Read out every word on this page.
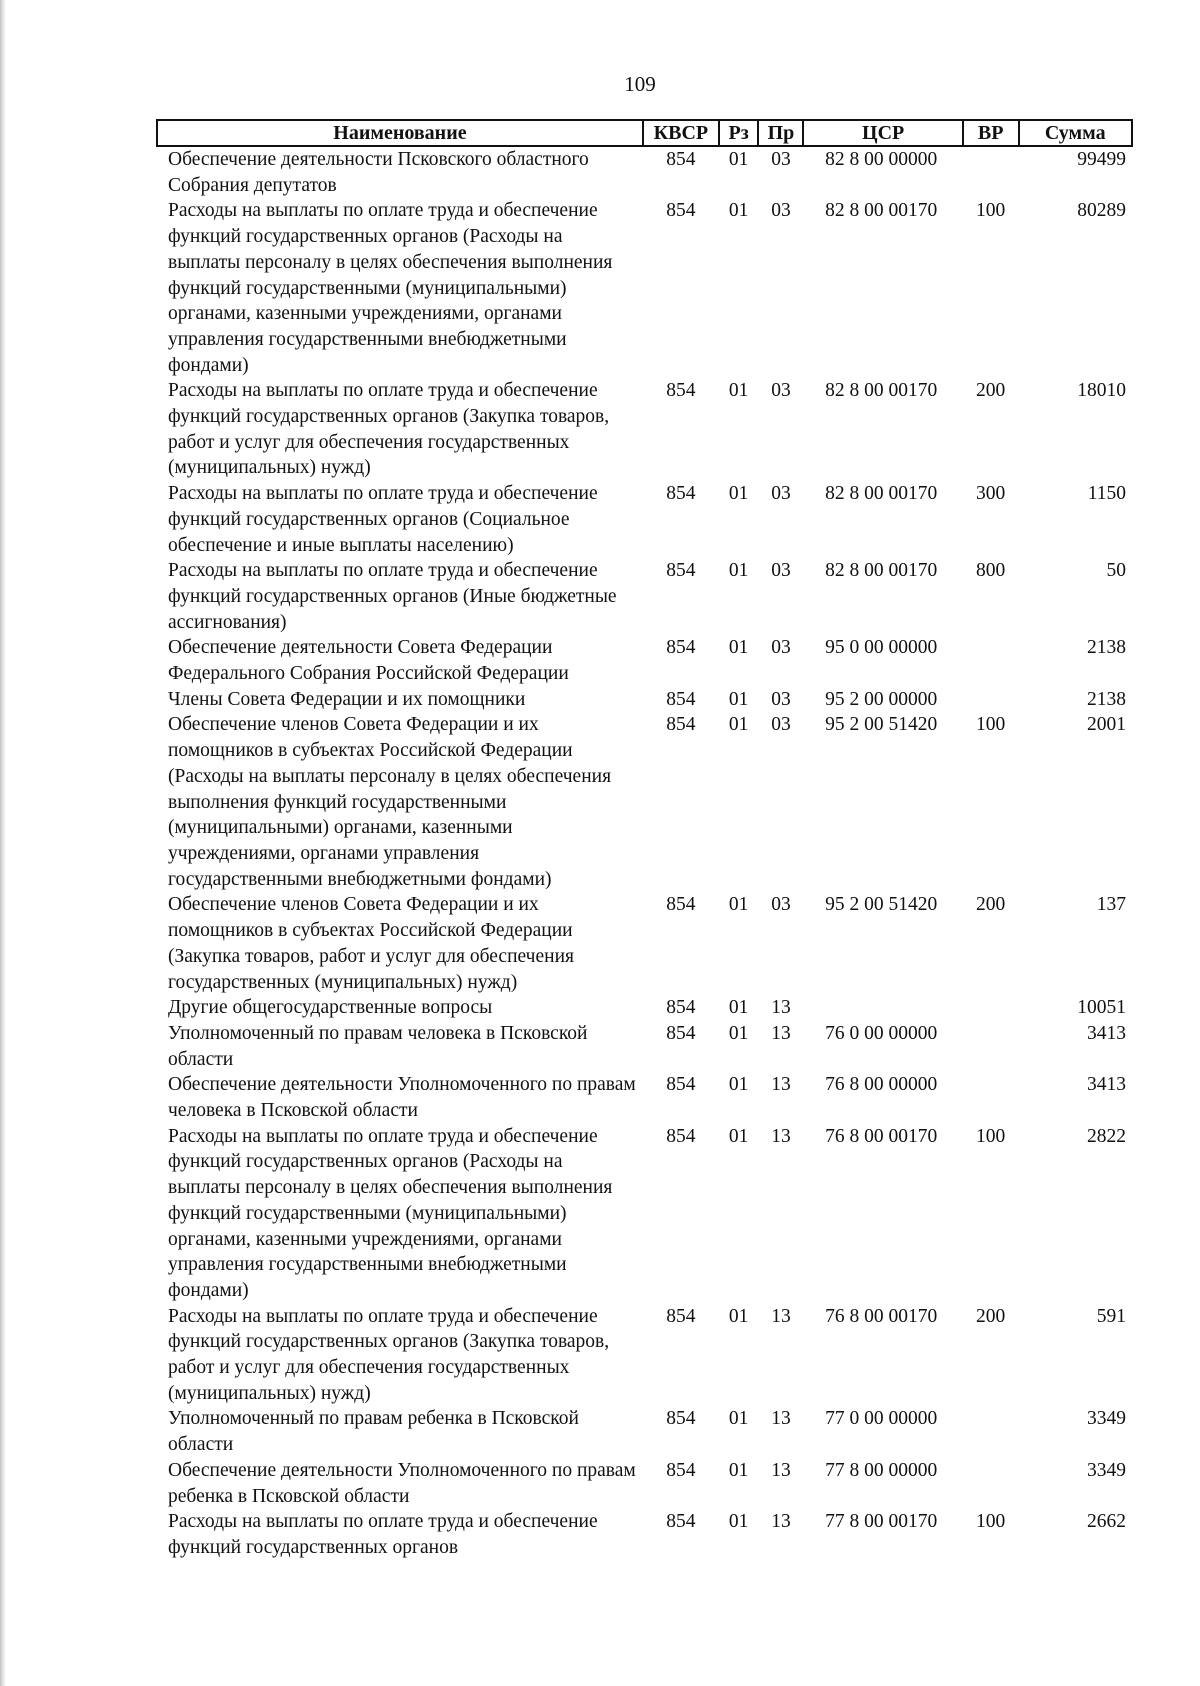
109
Наименование	КВСР	Рз	Пр	ЦСР	ВР	Сумма
Обеспечение деятельности Псковского областного Собрания депутатов	854	01	03	82 8 00 00000		99499
Расходы на выплаты по оплате труда и обеспечение функций государственных органов (Расходы на выплаты персоналу в целях обеспечения выполнения функций государственными (муниципальными) органами, казенными учреждениями, органами управления государственными внебюджетными фондами)	854	01	03	82 8 00 00170	100	80289
Расходы на выплаты по оплате труда и обеспечение функций государственных органов (Закупка товаров, работ и услуг для обеспечения государственных (муниципальных) нужд)	854	01	03	82 8 00 00170	200	18010
Расходы на выплаты по оплате труда и обеспечение функций государственных органов (Социальное обеспечение и иные выплаты населению)	854	01	03	82 8 00 00170	300	1150
Расходы на выплаты по оплате труда и обеспечение функций государственных органов (Иные бюджетные ассигнования)	854	01	03	82 8 00 00170	800	50
Обеспечение деятельности Совета Федерации Федерального Собрания Российской Федерации	854	01	03	95 0 00 00000		2138
Члены Совета Федерации и их помощники	854	01	03	95 2 00 00000		2138
Обеспечение членов Совета Федерации и их помощников в субъектах Российской Федерации (Расходы на выплаты персоналу в целях обеспечения выполнения функций государственными (муниципальными) органами, казенными учреждениями, органами управления государственными внебюджетными фондами)	854	01	03	95 2 00 51420	100	2001
Обеспечение членов Совета Федерации и их помощников в субъектах Российской Федерации (Закупка товаров, работ и услуг для обеспечения государственных (муниципальных) нужд)	854	01	03	95 2 00 51420	200	137
Другие общегосударственные вопросы	854	01	13			10051
Уполномоченный по правам человека в Псковской области	854	01	13	76 0 00 00000		3413
Обеспечение деятельности Уполномоченного по правам человека в Псковской области	854	01	13	76 8 00 00000		3413
Расходы на выплаты по оплате труда и обеспечение функций государственных органов (Расходы на выплаты персоналу в целях обеспечения выполнения функций государственными (муниципальными) органами, казенными учреждениями, органами управления государственными внебюджетными фондами)	854	01	13	76 8 00 00170	100	2822
Расходы на выплаты по оплате труда и обеспечение функций государственных органов (Закупка товаров, работ и услуг для обеспечения государственных (муниципальных) нужд)	854	01	13	76 8 00 00170	200	591
Уполномоченный по правам ребенка в Псковской области	854	01	13	77 0 00 00000		3349
Обеспечение деятельности Уполномоченного по правам ребенка в Псковской области	854	01	13	77 8 00 00000		3349
Расходы на выплаты по оплате труда и обеспечение функций государственных органов	854	01	13	77 8 00 00170	100	2662
